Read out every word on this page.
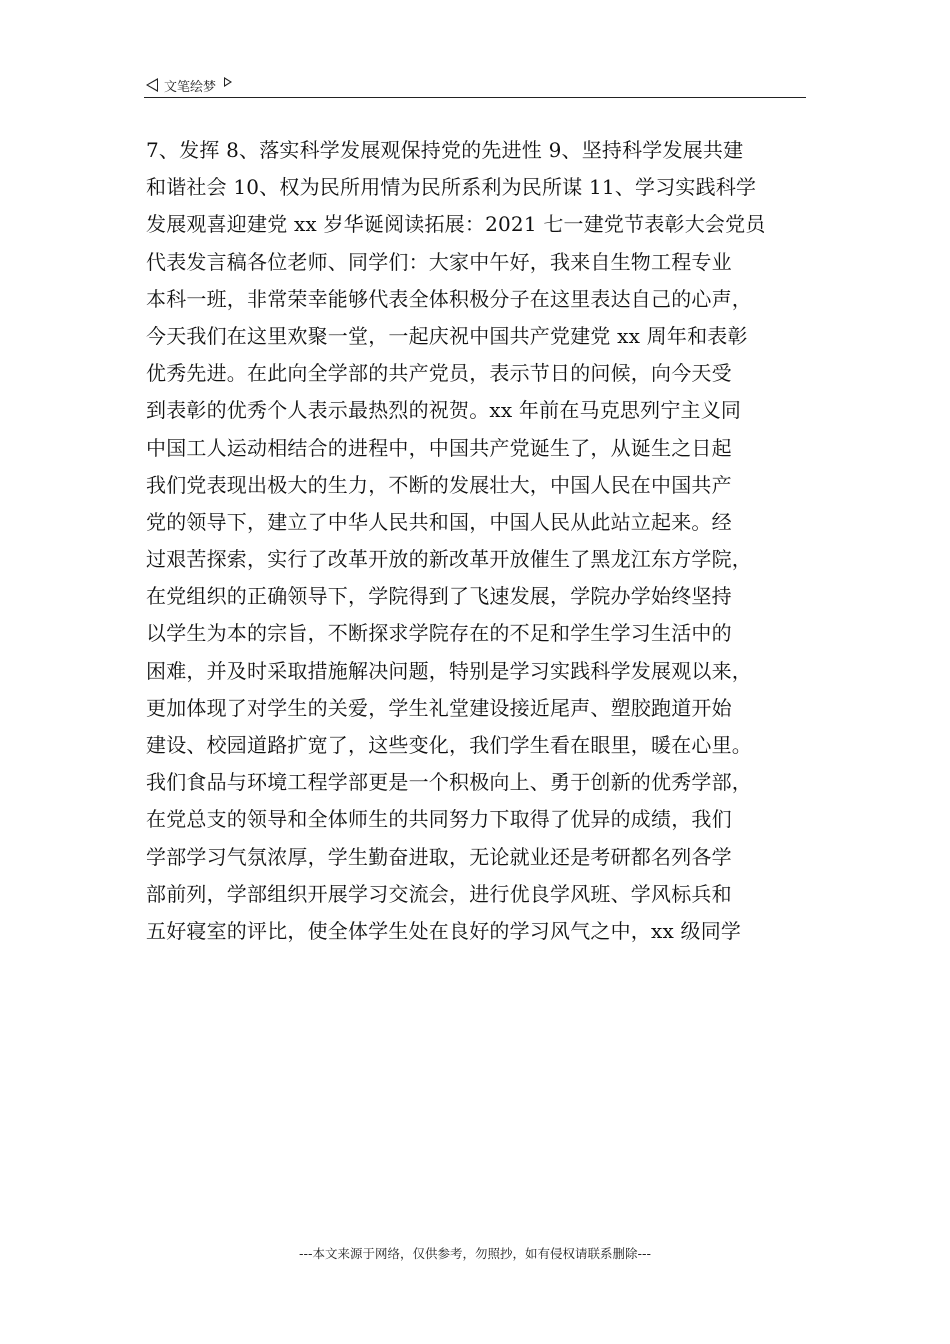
文笔绘梦
7、发挥 8、落实科学发展观保持党的先进性 9、坚持科学发展共建
和谐社会 10、权为民所用情为民所系利为民所谋 11、学习实践科学
发展观喜迎建党 xx 岁华诞阅读拓展：2021 七一建党节表彰大会党员
代表发言稿各位老师、同学们：大家中午好，我来自生物工程专业
本科一班，非常荣幸能够代表全体积极分子在这里表达自己的心声，
今天我们在这里欢聚一堂，一起庆祝中国共产党建党 xx 周年和表彰
优秀先进。在此向全学部的共产党员，表示节日的问候，向今天受
到表彰的优秀个人表示最热烈的祝贺。xx 年前在马克思列宁主义同
中国工人运动相结合的进程中，中国共产党诞生了，从诞生之日起
我们党表现出极大的生力，不断的发展壮大，中国人民在中国共产
党的领导下，建立了中华人民共和国，中国人民从此站立起来。经
过艰苦探索，实行了改革开放的新改革开放催生了黑龙江东方学院，
在党组织的正确领导下，学院得到了飞速发展，学院办学始终坚持
以学生为本的宗旨，不断探求学院存在的不足和学生学习生活中的
困难，并及时采取措施解决问题，特别是学习实践科学发展观以来，
更加体现了对学生的关爱，学生礼堂建设接近尾声、塑胶跑道开始
建设、校园道路扩宽了，这些变化，我们学生看在眼里，暖在心里。
我们食品与环境工程学部更是一个积极向上、勇于创新的优秀学部，
在党总支的领导和全体师生的共同努力下取得了优异的成绩，我们
学部学习气氛浓厚，学生勤奋进取，无论就业还是考研都名列各学
部前列，学部组织开展学习交流会，进行优良学风班、学风标兵和
五好寝室的评比，使全体学生处在良好的学习风气之中，xx 级同学
---本文来源于网络，仅供参考，勿照抄，如有侵权请联系删除---
